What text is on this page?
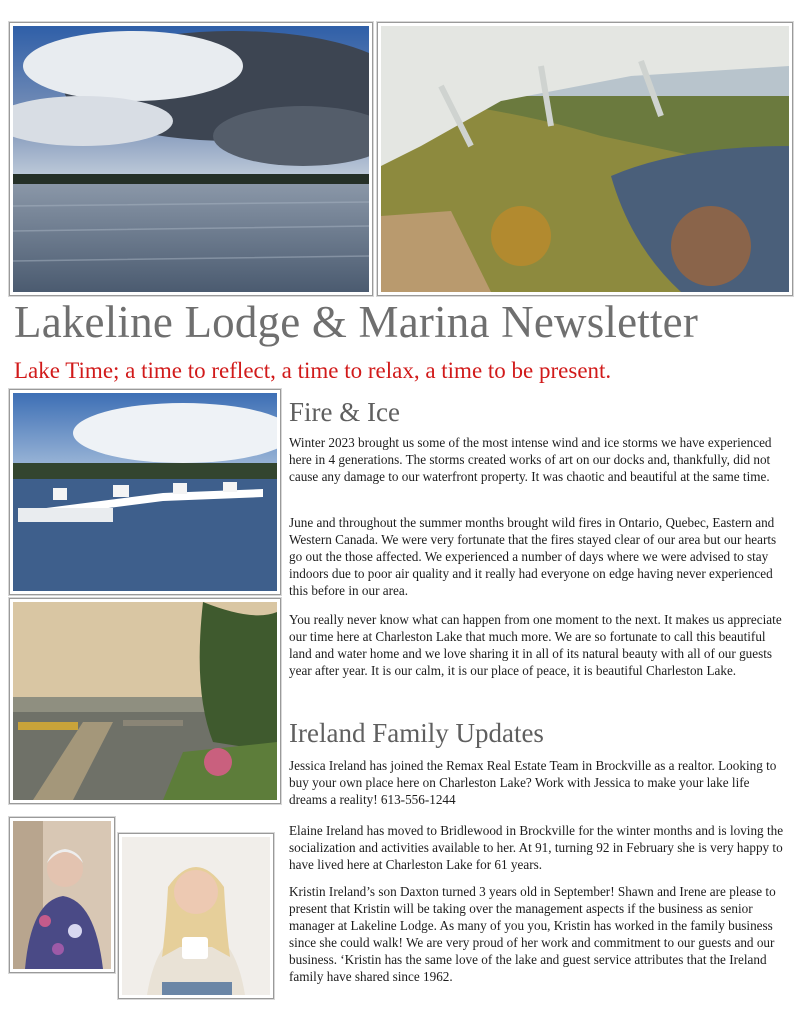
Lakeline Lodge & Marina Newsletter
Lake Time; a time to reflect, a time to relax, a time to be present.
Fire & Ice

Winter 2023 brought us some of the most intense wind and ice storms we have experienced here in 4 generations. The storms created works of art on our docks and, thankfully, did not cause any damage to our waterfront property. It was chaotic and beautiful at the same time.

June and throughout the summer months brought wild fires in Ontario, Quebec, Eastern and Western Canada. We were very fortunate that the fires stayed clear of our area but our hearts go out the those affected. We experienced a number of days where we were advised to stay indoors due to poor air quality and it really had everyone on edge having never experienced this before in our area.

You really never know what can happen from one moment to the next. It makes us appreciate our time here at Charleston Lake that much more. We are so fortunate to call this beautiful land and water home and we love sharing it in all of its natural beauty with all of our guests year after year. It is our calm, it is our place of peace, it is beautiful Charleston Lake.

Ireland Family Updates

Jessica Ireland has joined the Remax Real Estate Team in Brockville as a realtor. Looking to buy your own place here on Charleston Lake? Work with Jessica to make your lake life dreams a reality! 613-556-1244

Elaine Ireland has moved to Bridlewood in Brockville for the winter months and is loving the socialization and activities available to her. At 91, turning 92 in February she is very happy to have lived here at Charleston Lake for 61 years.

Kristin Ireland’s son Daxton turned 3 years old in September! Shawn and Irene are please to present that Kristin will be taking over the management aspects if the business as senior manager at Lakeline Lodge. As many of you you, Kristin has worked in the family business since she could walk! We are very proud of her work and commitment to our guests and our business. ‘Kristin has the same love of the lake and guest service attributes that the Ireland family have shared since 1962.
